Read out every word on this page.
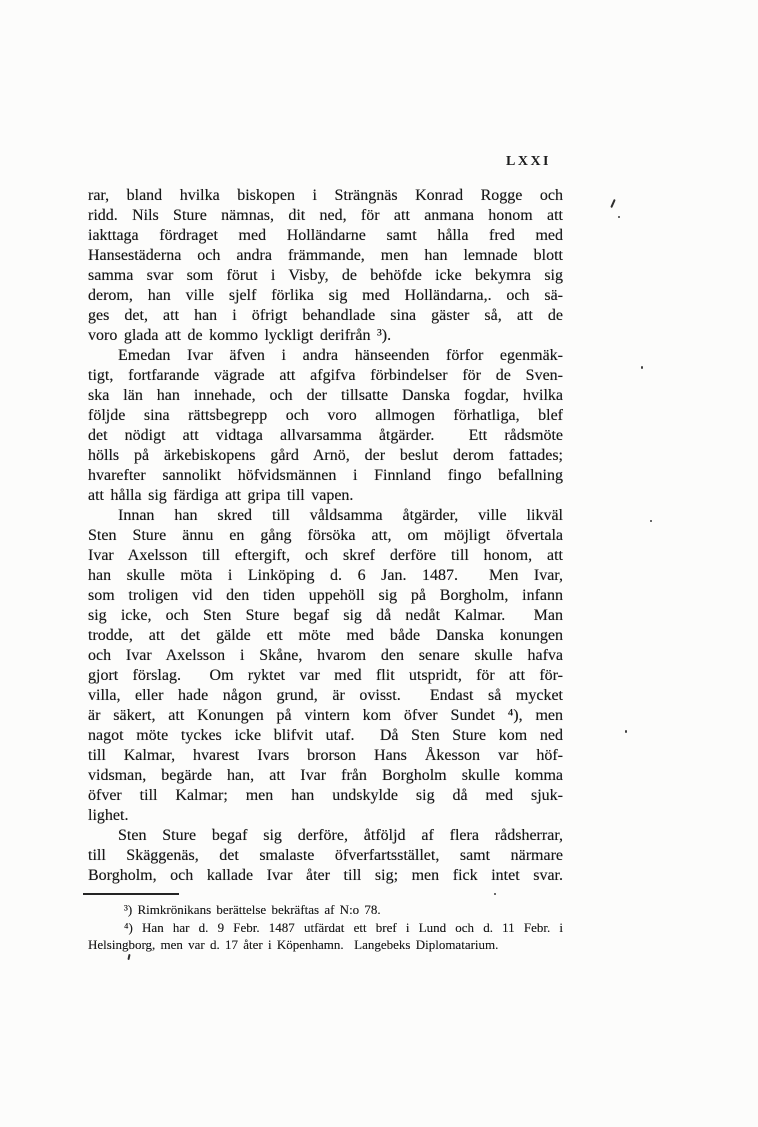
LXXI
rar, bland hvilka biskopen i Strängnäs Konrad Rogge och
ridd. Nils Sture nämnas, dit ned, för att anmana honom att
iakttaga fördraget med Holländarne samt hålla fred med
Hansestäderna och andra främmande, men han lemnade blott
samma svar som förut i Visby, de behöfde icke bekymra sig
derom, han ville sjelf förlika sig med Holländarna,. och sä-
ges det, att han i öfrigt behandlade sina gäster så, att de
voro glada att de kommo lyckligt derifrån ³).
Emedan Ivar äfven i andra hänseenden förfor egenmäk-
tigt, fortfarande vägrade att afgifva förbindelser för de Sven-
ska län han innehade, och der tillsatte Danska fogdar, hvilka
följde sina rättsbegrepp och voro allmogen förhatliga, blef
det nödigt att vidtaga allvarsamma åtgärder.  Ett rådsmöte
hölls på ärkebiskopens gård Arnö, der beslut derom fattades;
hvarefter sannolikt höfvidsmännen i Finnland fingo befallning
att hålla sig färdiga att gripa till vapen.
Innan han skred till våldsamma åtgärder, ville likväl
Sten Sture ännu en gång försöka att, om möjligt öfvertala
Ivar Axelsson till eftergift, och skref derföre till honom, att
han skulle möta i Linköping d. 6 Jan. 1487.  Men Ivar,
som troligen vid den tiden uppehöll sig på Borgholm, infann
sig icke, och Sten Sture begaf sig då nedåt Kalmar.  Man
trodde, att det gälde ett möte med både Danska konungen
och Ivar Axelsson i Skåne, hvarom den senare skulle hafva
gjort förslag.  Om ryktet var med flit utspridt, för att för-
villa, eller hade någon grund, är ovisst.  Endast så mycket
är säkert, att Konungen på vintern kom öfver Sundet ⁴), men
nagot möte tyckes icke blifvit utaf.  Då Sten Sture kom ned
till Kalmar, hvarest Ivars brorson Hans Åkesson var höf-
vidsman, begärde han, att Ivar från Borgholm skulle komma
öfver till Kalmar; men han undskylde sig då med sjuk-
lighet.
Sten Sture begaf sig derföre, åtföljd af flera rådsherrar,
till Skäggenäs, det smalaste öfverfartsstället, samt närmare
Borgholm, och kallade Ivar åter till sig; men fick intet svar.
³) Rimkrönikans berättelse bekräftas af N:o 78.
⁴) Han har d. 9 Febr. 1487 utfärdat ett bref i Lund och d. 11 Febr. i
Helsingborg, men var d. 17 åter i Köpenhamn.  Langebeks Diplomatarium.
